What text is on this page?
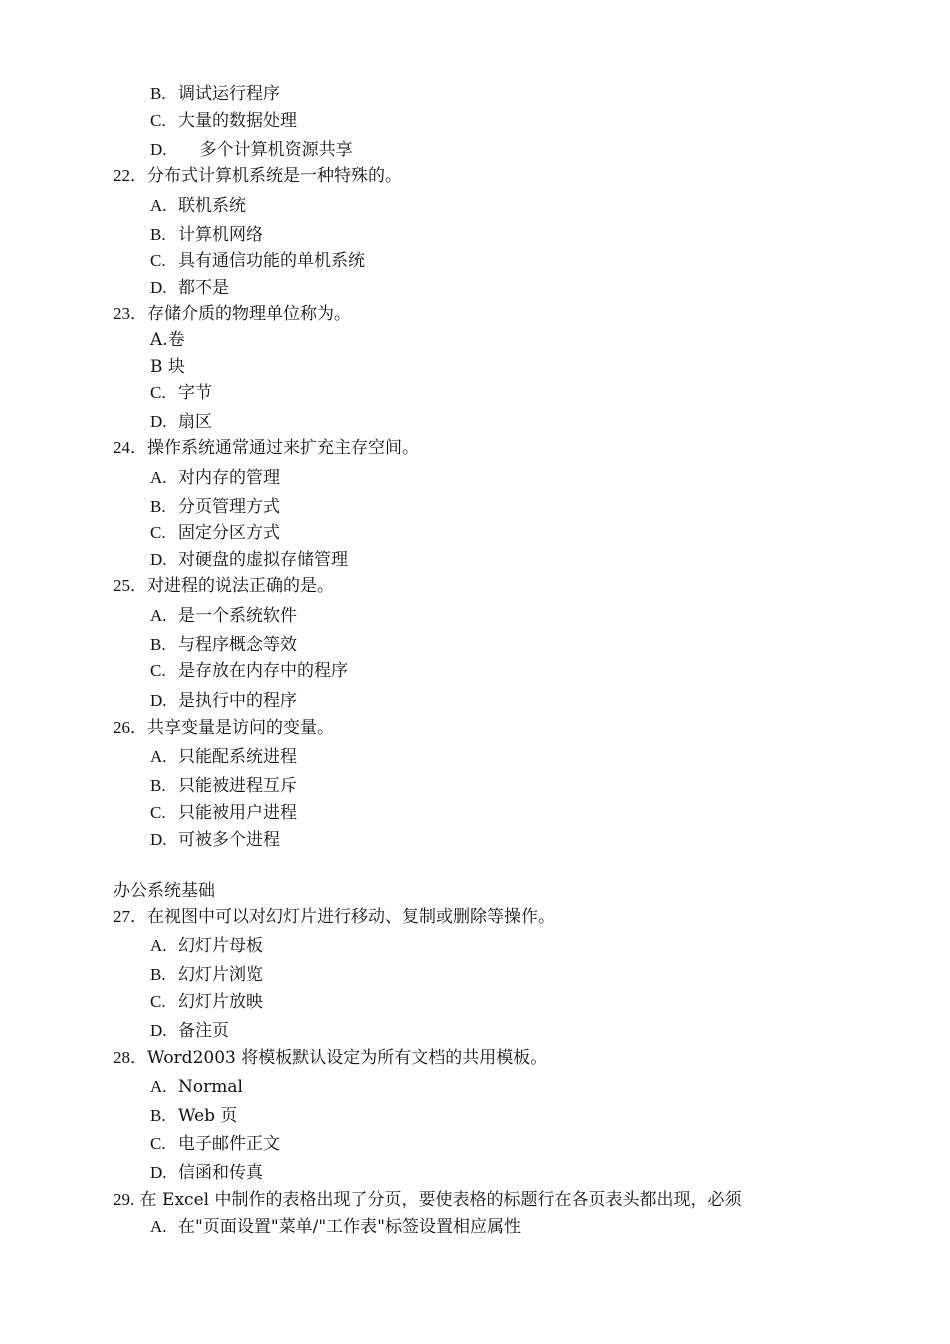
B. 调试运行程序
C. 大量的数据处理
D.    多个计算机资源共享
22．分布式计算机系统是一种特殊的。
A. 联机系统
B. 计算机网络
C. 具有通信功能的单机系统
D. 都不是
23．存储介质的物理单位称为。
A.卷
B 块
C. 字节
D. 扇区
24．操作系统通常通过来扩充主存空间。
A. 对内存的管理
B. 分页管理方式
C. 固定分区方式
D. 对硬盘的虚拟存储管理
25．对进程的说法正确的是。
A. 是一个系统软件
B. 与程序概念等效
C. 是存放在内存中的程序
D. 是执行中的程序
26．共享变量是访问的变量。
A. 只能配系统进程
B. 只能被进程互斥
C. 只能被用户进程
D. 可被多个进程
办公系统基础
27．在视图中可以对幻灯片进行移动、复制或删除等操作。
A. 幻灯片母板
B. 幻灯片浏览
C. 幻灯片放映
D. 备注页
28．Word2003 将模板默认设定为所有文档的共用模板。
A. Normal
B. Web 页
C. 电子邮件正文
D. 信函和传真
29. 在 Excel 中制作的表格出现了分页，要使表格的标题行在各页表头都出现，必须
A. 在"页面设置"菜单/"工作表"标签设置相应属性
